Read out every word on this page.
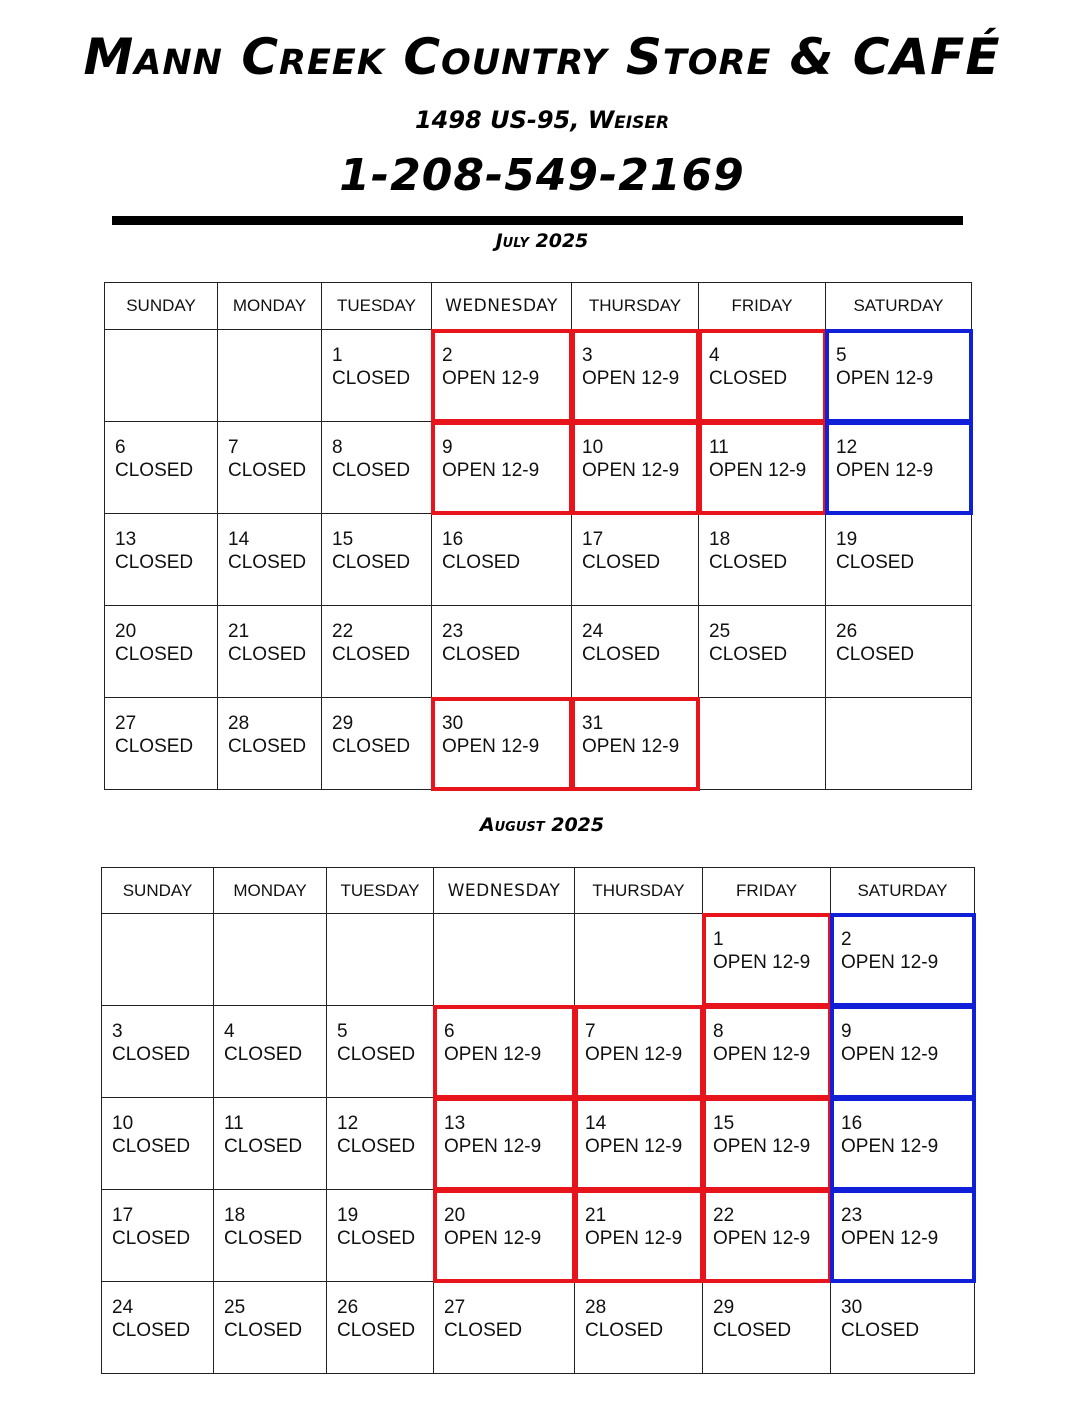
Mann Creek Country Store & CAFÉ
1498 US-95, Weiser
1-208-549-2169
July 2025
SUNDAY	MONDAY	TUESDAY	WEDNESDAY	THURSDAY	FRIDAY	SATURDAY

		1
CLOSED	2
OPEN 12-9	3
OPEN 12-9	4
CLOSED	5
OPEN 12-9

6
CLOSED	7
CLOSED	8
CLOSED	9
OPEN 12-9	10
OPEN 12-9	11
OPEN 12-9	12
OPEN 12-9

13
CLOSED	14
CLOSED	15
CLOSED	16
CLOSED	17
CLOSED	18
CLOSED	19
CLOSED

20
CLOSED	21
CLOSED	22
CLOSED	23
CLOSED	24
CLOSED	25
CLOSED	26
CLOSED

27
CLOSED	28
CLOSED	29
CLOSED	30
OPEN 12-9	31
OPEN 12-9		

August 2025
SUNDAY	MONDAY	TUESDAY	WEDNESDAY	THURSDAY	FRIDAY	SATURDAY

					1
OPEN 12-9	2
OPEN 12-9

3
CLOSED	4
CLOSED	5
CLOSED	6
OPEN 12-9	7
OPEN 12-9	8
OPEN 12-9	9
OPEN 12-9

10
CLOSED	11
CLOSED	12
CLOSED	13
OPEN 12-9	14
OPEN 12-9	15
OPEN 12-9	16
OPEN 12-9

17
CLOSED	18
CLOSED	19
CLOSED	20
OPEN 12-9	21
OPEN 12-9	22
OPEN 12-9	23
OPEN 12-9

24
CLOSED	25
CLOSED	26
CLOSED	27
CLOSED	28
CLOSED	29
CLOSED	30
CLOSED
